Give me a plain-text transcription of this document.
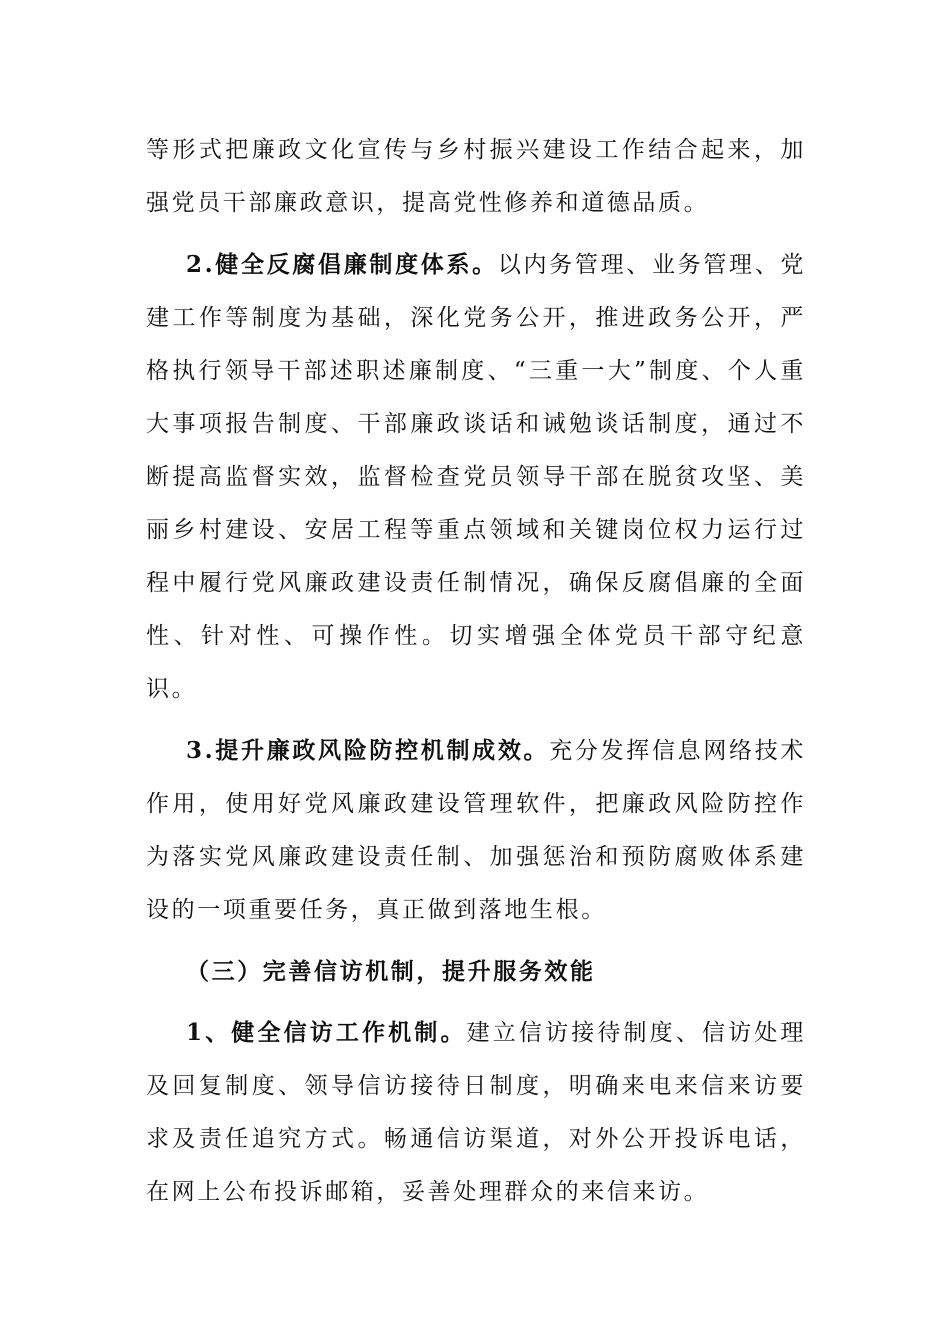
等形式把廉政文化宣传与乡村振兴建设工作结合起来，加强党员干部廉政意识，提高党性修养和道德品质。

2.健全反腐倡廉制度体系。以内务管理、业务管理、党建工作等制度为基础，深化党务公开，推进政务公开，严格执行领导干部述职述廉制度、“三重一大”制度、个人重大事项报告制度、干部廉政谈话和诫勉谈话制度，通过不断提高监督实效，监督检查党员领导干部在脱贫攻坚、美丽乡村建设、安居工程等重点领域和关键岗位权力运行过程中履行党风廉政建设责任制情况，确保反腐倡廉的全面性、针对性、可操作性。切实增强全体党员干部守纪意识。

3.提升廉政风险防控机制成效。充分发挥信息网络技术作用，使用好党风廉政建设管理软件，把廉政风险防控作为落实党风廉政建设责任制、加强惩治和预防腐败体系建设的一项重要任务，真正做到落地生根。

（三）完善信访机制，提升服务效能

1、健全信访工作机制。建立信访接待制度、信访处理及回复制度、领导信访接待日制度，明确来电来信来访要求及责任追究方式。畅通信访渠道，对外公开投诉电话，在网上公布投诉邮箱，妥善处理群众的来信来访。
